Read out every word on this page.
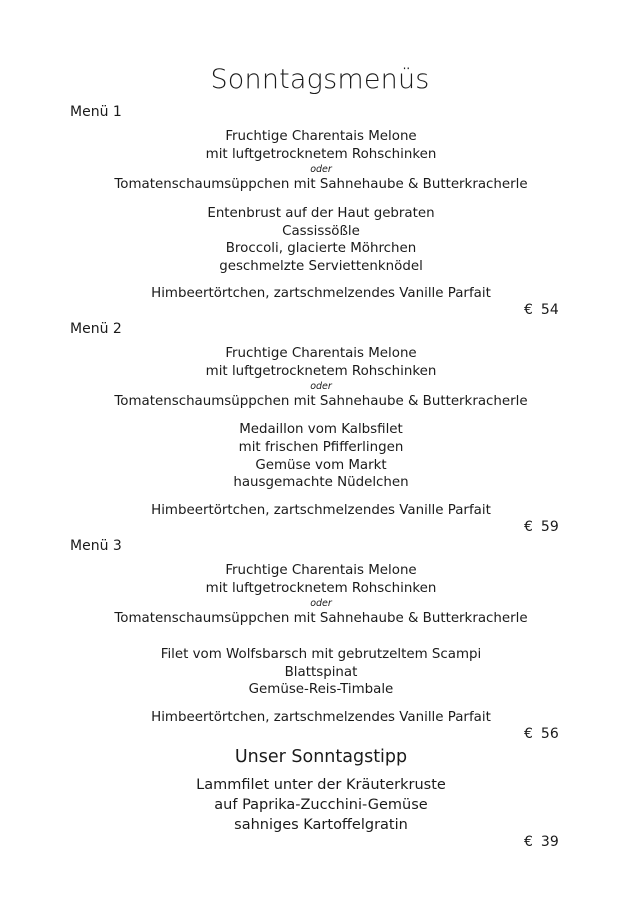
Sonntagsmenüs
Menü 1
Fruchtige Charentais Melone
mit luftgetrocknetem Rohschinken
oder
Tomatenschaumsüppchen mit Sahnehaube & Butterkracherle
Entenbrust auf der Haut gebraten
Cassissößle
Broccoli, glacierte Möhrchen
geschmelzte Serviettenknödel
Himbeertörtchen, zartschmelzendes Vanille Parfait
€ 54
Menü 2
Fruchtige Charentais Melone
mit luftgetrocknetem Rohschinken
oder
Tomatenschaumsüppchen mit Sahnehaube & Butterkracherle
Medaillon vom Kalbsfilet
mit frischen Pfifferlingen
Gemüse vom Markt
hausgemachte Nüdelchen
Himbeertörtchen, zartschmelzendes Vanille Parfait
€ 59
Menü 3
Fruchtige Charentais Melone
mit luftgetrocknetem Rohschinken
oder
Tomatenschaumsüppchen mit Sahnehaube & Butterkracherle
Filet vom Wolfsbarsch mit gebrutzeltem Scampi
Blattspinat
Gemüse-Reis-Timbale
Himbeertörtchen, zartschmelzendes Vanille Parfait
€ 56
Unser Sonntagstipp
Lammfilet unter der Kräuterkruste
auf Paprika-Zucchini-Gemüse
sahniges Kartoffelgratin
€ 39
